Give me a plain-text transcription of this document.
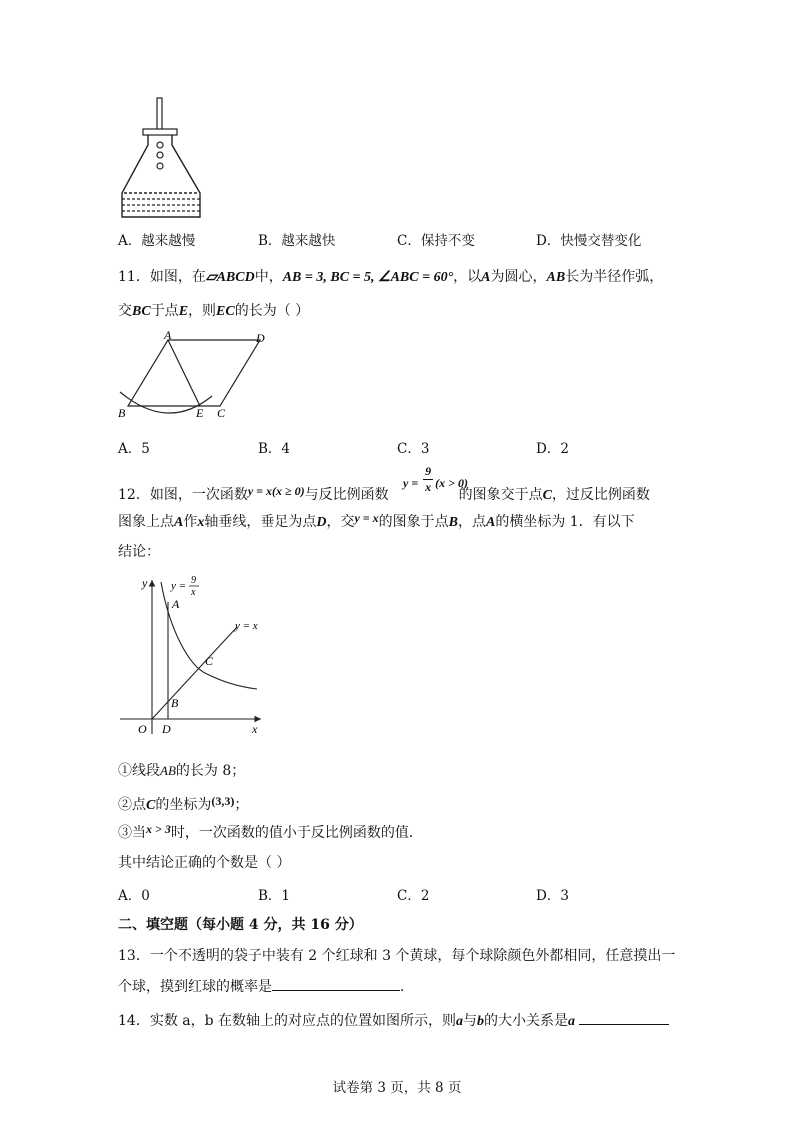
A．越来越慢	B．越来越快	C．保持不变	D．快慢交替变化
11．如图，在▱ABCD中，AB = 3, BC = 5, ∠ABC = 60°，以A为圆心，AB长为半径作弧，
交BC于点E，则EC的长为（ ）
A	D
B	E C
A．5	B．4	C．3	D．2
12．如图，一次函数y = x(x ≥ 0)与反比例函数	的图象交于点C，过反比例函数
$y = \frac{9}{x} (x > 0)$
图象上点A作x轴垂线，垂足为点D，交y = x的图象于点B，点A的横坐标为 1．有以下
结论：
y
x
O
y = 9
x
y = x
A
B
C
D
①线段AB的长为 8；
②点C的坐标为(3,3)；
③当x > 3时，一次函数的值小于反比例函数的值．
其中结论正确的个数是（ ）
A．0	B．1	C．2	D．3
二、填空题（每小题 4 分，共 16 分）
13．一个不透明的袋子中装有 2 个红球和 3 个黄球，每个球除颜色外都相同，任意摸出一
个球，摸到红球的概率是	．
14．实数 a，b 在数轴上的对应点的位置如图所示，则a与b的大小关系是a
试卷第 3 页，共 8 页
